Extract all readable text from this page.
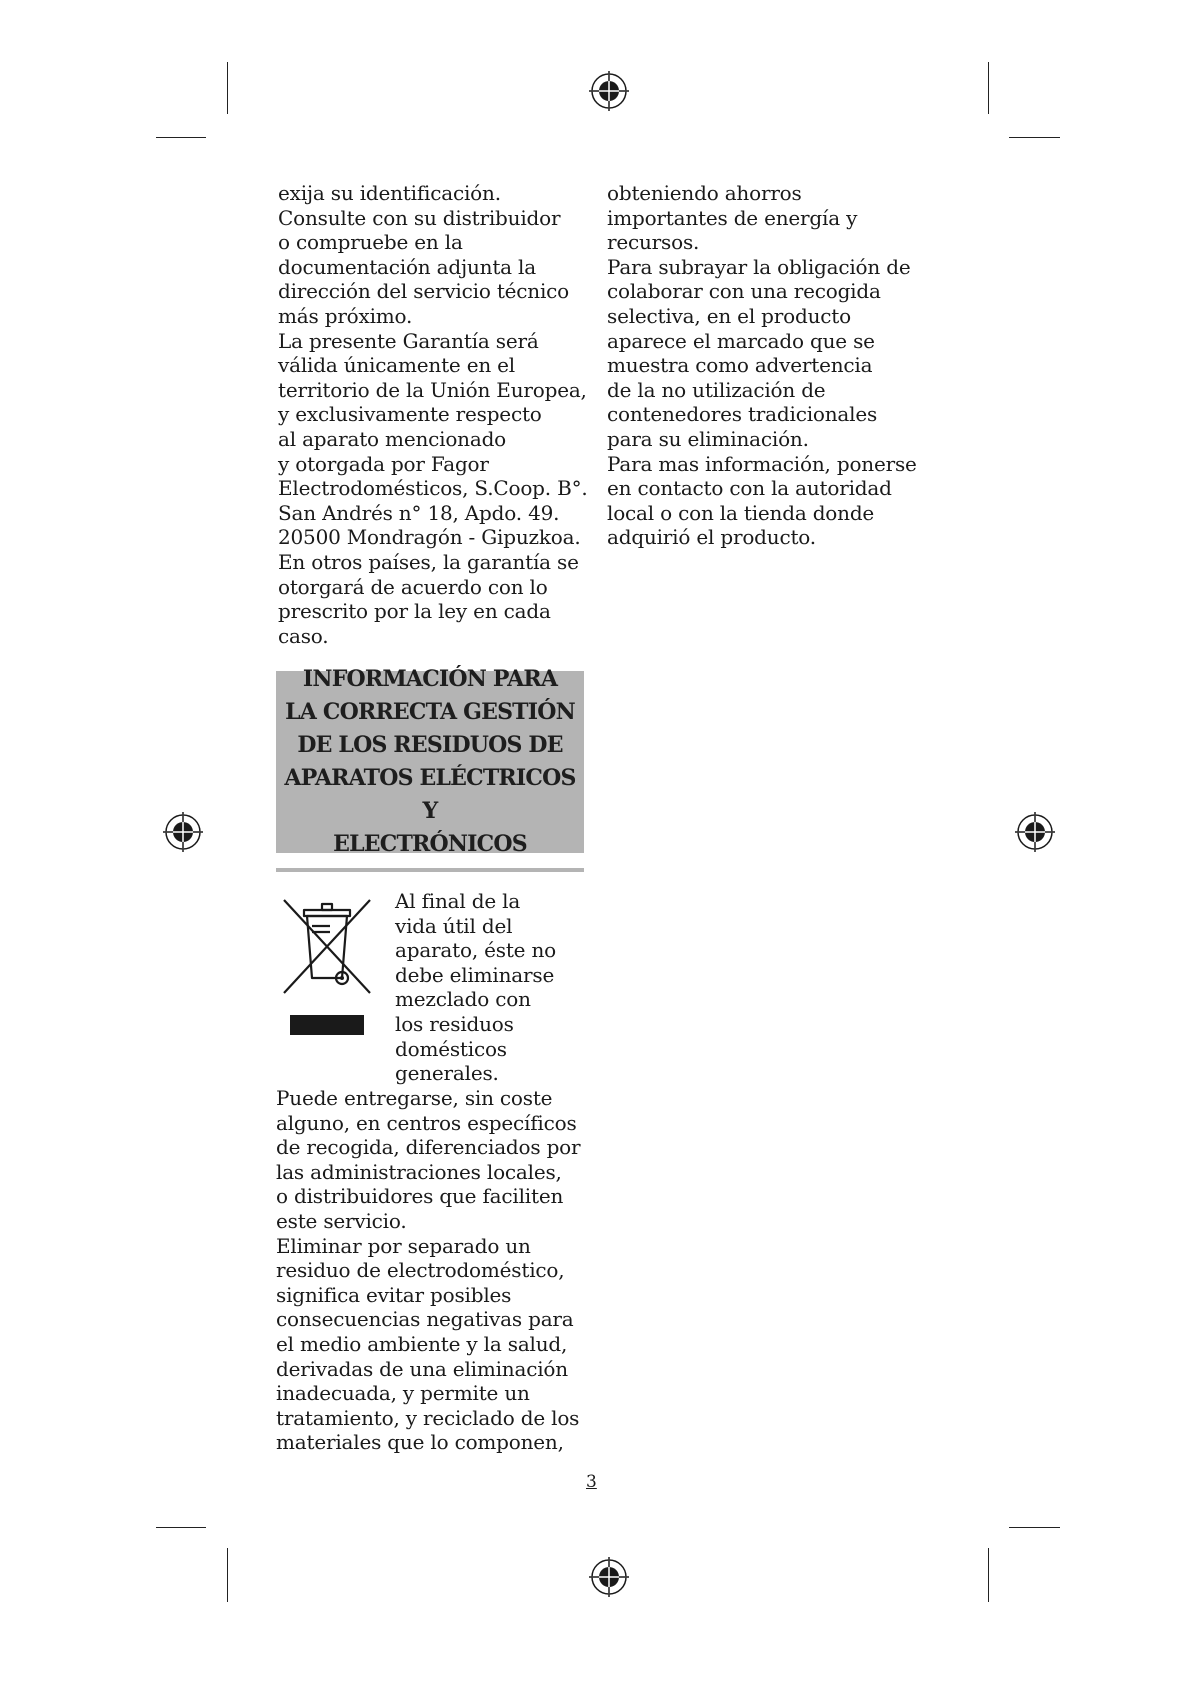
exija su identificación.
Consulte con su distribuidor
o compruebe en la
documentación adjunta la
dirección del servicio técnico
más próximo.
La presente Garantía será
válida únicamente en el
territorio de la Unión Europea,
y exclusivamente respecto
al aparato mencionado
y otorgada por Fagor
Electrodomésticos, S.Coop. B°.
San Andrés n° 18, Apdo. 49.
20500 Mondragón - Gipuzkoa.
En otros países, la garantía se
otorgará de acuerdo con lo
prescrito por la ley en cada
caso.
INFORMACIÓN PARA
LA CORRECTA GESTIÓN
DE LOS RESIDUOS DE
APARATOS ELÉCTRICOS Y
ELECTRÓNICOS
Al final de la
vida útil del
aparato, éste no
debe eliminarse
mezclado con
los residuos
domésticos
generales.
Puede entregarse, sin coste
alguno, en centros específicos
de recogida, diferenciados por
las administraciones locales,
o distribuidores que faciliten
este servicio.
Eliminar por separado un
residuo de electrodoméstico,
significa evitar posibles
consecuencias negativas para
el medio ambiente y la salud,
derivadas de una eliminación
inadecuada, y permite un
tratamiento, y reciclado de los
materiales que lo componen,
obteniendo ahorros
importantes de energía y
recursos.
Para subrayar la obligación de
colaborar con una recogida
selectiva, en el producto
aparece el marcado que se
muestra como advertencia
de la no utilización de
contenedores tradicionales
para su eliminación.
Para mas información, ponerse
en contacto con la autoridad
local o con la tienda donde
adquirió el producto.
3
